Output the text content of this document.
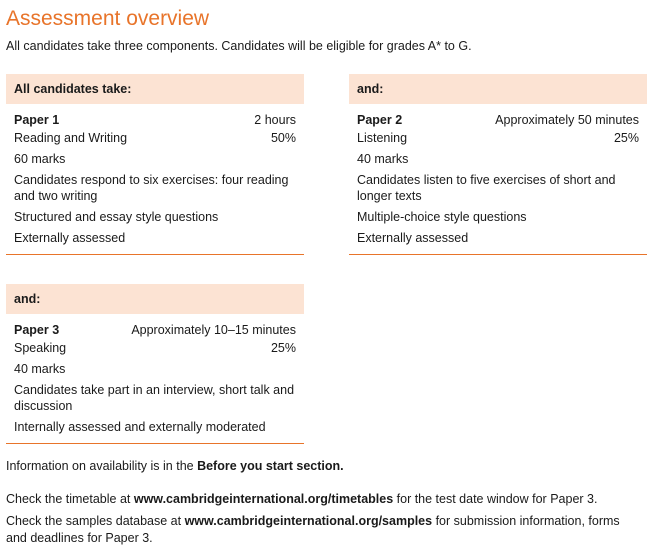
Assessment overview
All candidates take three components. Candidates will be eligible for grades A* to G.
All candidates take:
Paper 1	2 hours
Reading and Writing	50%
60 marks
Candidates respond to six exercises: four reading and two writing
Structured and essay style questions
Externally assessed
and:
Paper 2	Approximately 50 minutes
Listening	25%
40 marks
Candidates listen to five exercises of short and longer texts
Multiple-choice style questions
Externally assessed
and:
Paper 3	Approximately 10–15 minutes
Speaking	25%
40 marks
Candidates take part in an interview, short talk and discussion
Internally assessed and externally moderated
Information on availability is in the Before you start section.
Check the timetable at www.cambridgeinternational.org/timetables for the test date window for Paper 3.
Check the samples database at www.cambridgeinternational.org/samples for submission information, forms and deadlines for Paper 3.
